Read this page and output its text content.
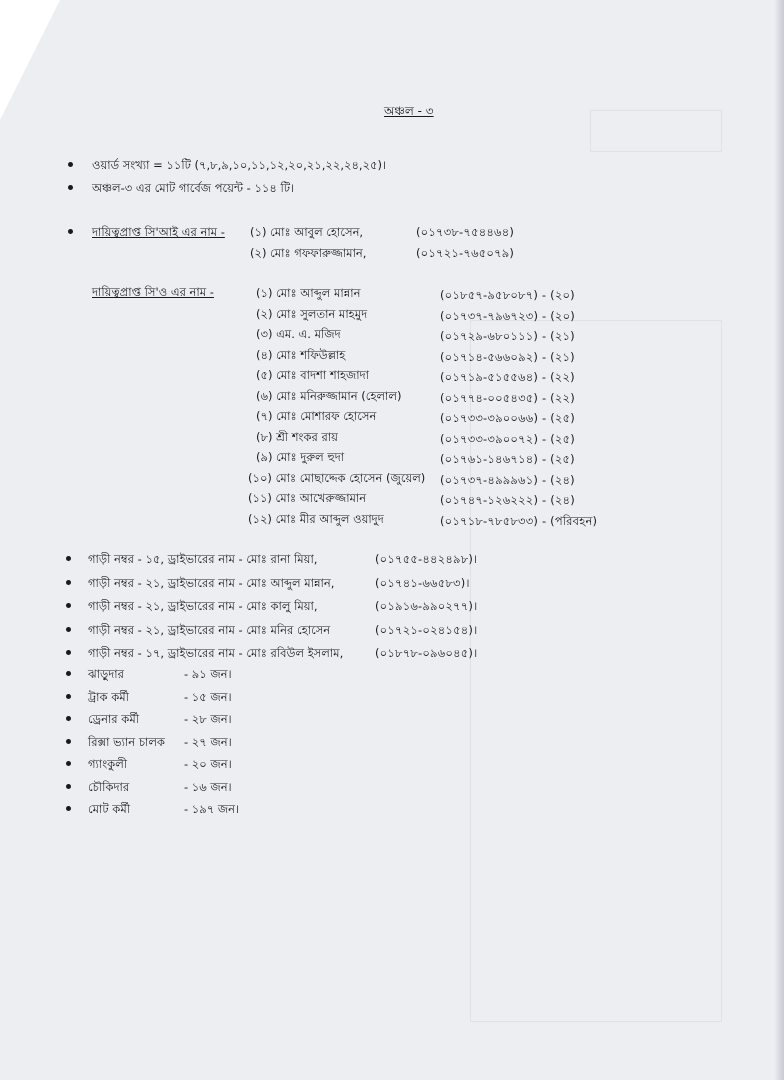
অঞ্চল - ৩
ওয়ার্ড সংখ্যা = ১১টি (৭,৮,৯,১০,১১,১২,২০,২১,২২,২৪,২৫)।
অঞ্চল-৩ এর মোট গার্বেজ পয়েন্ট - ১১৪ টি।
দায়িত্বপ্রাপ্ত সি'আই এর নাম - (১) মোঃ আবুল হোসেন,	(০১৭৩৮-৭৫৪৪৬৪)
(২) মোঃ গফফারুজ্জামান,	(০১৭২১-৭৬৫০৭৯)
দায়িত্বপ্রাপ্ত সি'ও এর নাম -	(১) মোঃ আব্দুল মান্নান	(০১৮৫৭-৯৫৮০৮৭) - (২০)
(২) মোঃ সুলতান মাহমুদ	(০১৭৩৭-৭৯৬৭২৩) - (২০)
(৩) এম. এ. মজিদ	(০১৭২৯-৬৮০১১১) - (২১)
(৪) মোঃ শফিউল্লাহ	(০১৭১৪-৫৬৬০৯২) - (২১)
(৫) মোঃ বাদশা শাহজাদা	(০১৭১৯-৫১৫৫৬৪) - (২২)
(৬) মোঃ মনিরুজ্জামান (হেলাল)	(০১৭৭৪-০০৫৪৩৫) - (২২)
(৭) মোঃ মোশারফ হোসেন	(০১৭৩৩-৩৯০০৬৬) - (২৫)
(৮) শ্রী শংকর রায়	(০১৭৩৩-৩৯০০৭২) - (২৫)
(৯) মোঃ দুরুল হুদা	(০১৭৬১-১৪৬৭১৪) - (২৫)
(১০) মোঃ মোছাদ্দেক হোসেন (জুয়েল) (০১৭৩৭-৪৯৯৯৬১) - (২৪)
(১১) মোঃ আখেরুজ্জামান	(০১৭৪৭-১২৬২২২) - (২৪)
(১২) মোঃ মীর আব্দুল ওয়াদুদ	(০১৭১৮-৭৮৫৮৩৩) - (পরিবহন)
গাড়ী নম্বর - ১৫, ড্রাইভারের নাম - মোঃ রানা মিয়া,	(০১৭৫৫-৪৪২৪৯৮)।
গাড়ী নম্বর - ২১, ড্রাইভারের নাম - মোঃ আব্দুল মান্নান,	(০১৭৪১-৬৬৫৮৩)।
গাড়ী নম্বর - ২১, ড্রাইভারের নাম - মোঃ কালু মিয়া,	(০১৯১৬-৯৯০২৭৭)।
গাড়ী নম্বর - ২১, ড্রাইভারের নাম - মোঃ মনির হোসেন	(০১৭২১-০২৪১৫৪)।
গাড়ী নম্বর - ১৭, ড্রাইভারের নাম - মোঃ রবিউল ইসলাম,	(০১৮৭৮-০৯৬০৪৫)।
ঝাড়ুদার	- ৯১ জন।
ট্রাক কর্মী	- ১৫ জন।
ড্রেনার কর্মী	- ২৮ জন।
রিক্সা ভ্যান চালক - ২৭ জন।
গ্যাংকুলী	- ২০ জন।
চৌকিদার	- ১৬ জন।
মোট কর্মী	- ১৯৭ জন।
